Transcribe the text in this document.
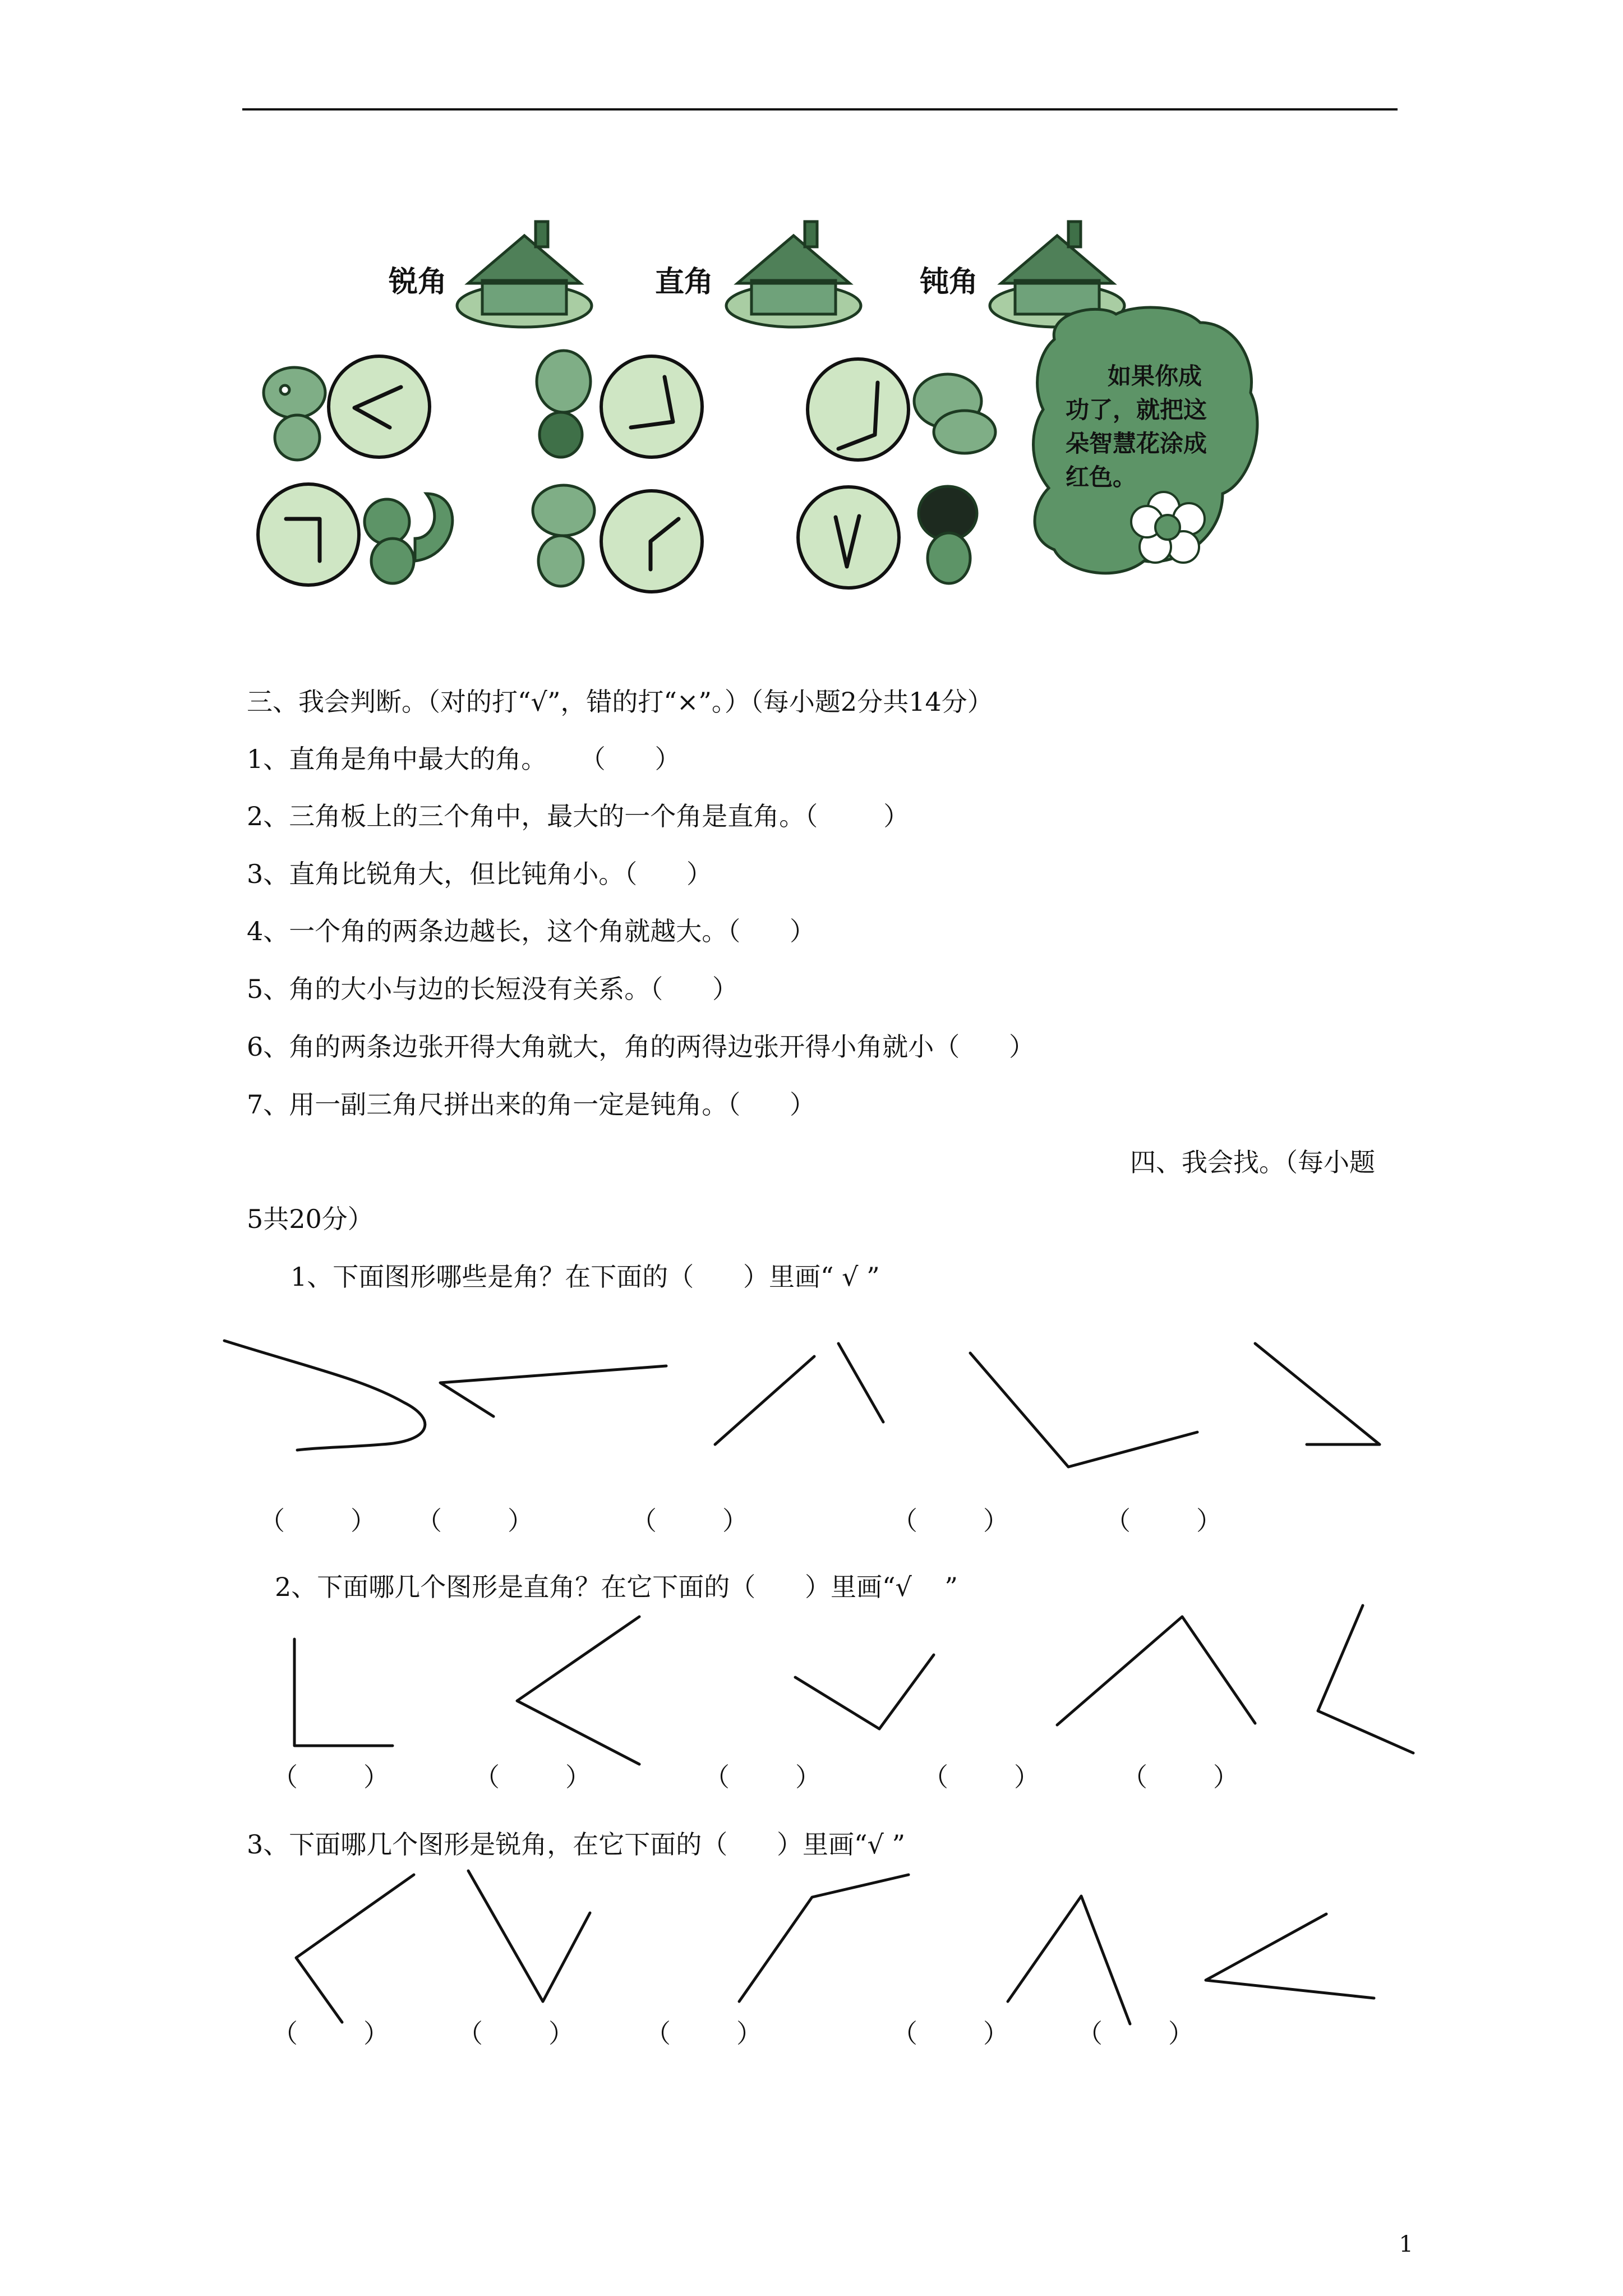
锐角	直角	钝角
如果你成
功了，就把这
朵智慧花涂成
红色。
三、我会判断。（对的打“√”，错的打“×”。）（每小题2分共14分）
1、直角是角中最大的角。    （      ）
2、三角板上的三个角中，最大的一个角是直角。（        ）
3、直角比锐角大，但比钝角小。（      ）
4、一个角的两条边越长，这个角就越大。（      ）
5、角的大小与边的长短没有关系。（      ）
6、角的两条边张开得大角就大，角的两得边张开得小角就小（      ）
7、用一副三角尺拼出来的角一定是钝角。（      ）
四、我会找。（每小题
5共20分）
1、下面图形哪些是角？在下面的（      ）里画“ √ ”
（        ） （        ）	（        ）	（        ）	（        ）
2、下面哪几个图形是直角？在它下面的（      ）里画“√    ”
（        ）	（        ）	（        ）	（        ）	（        ）
3、下面哪几个图形是锐角，在它下面的（      ）里画“√ ”
（        ）	（        ）	（        ）	（        ）	（        ）
1
